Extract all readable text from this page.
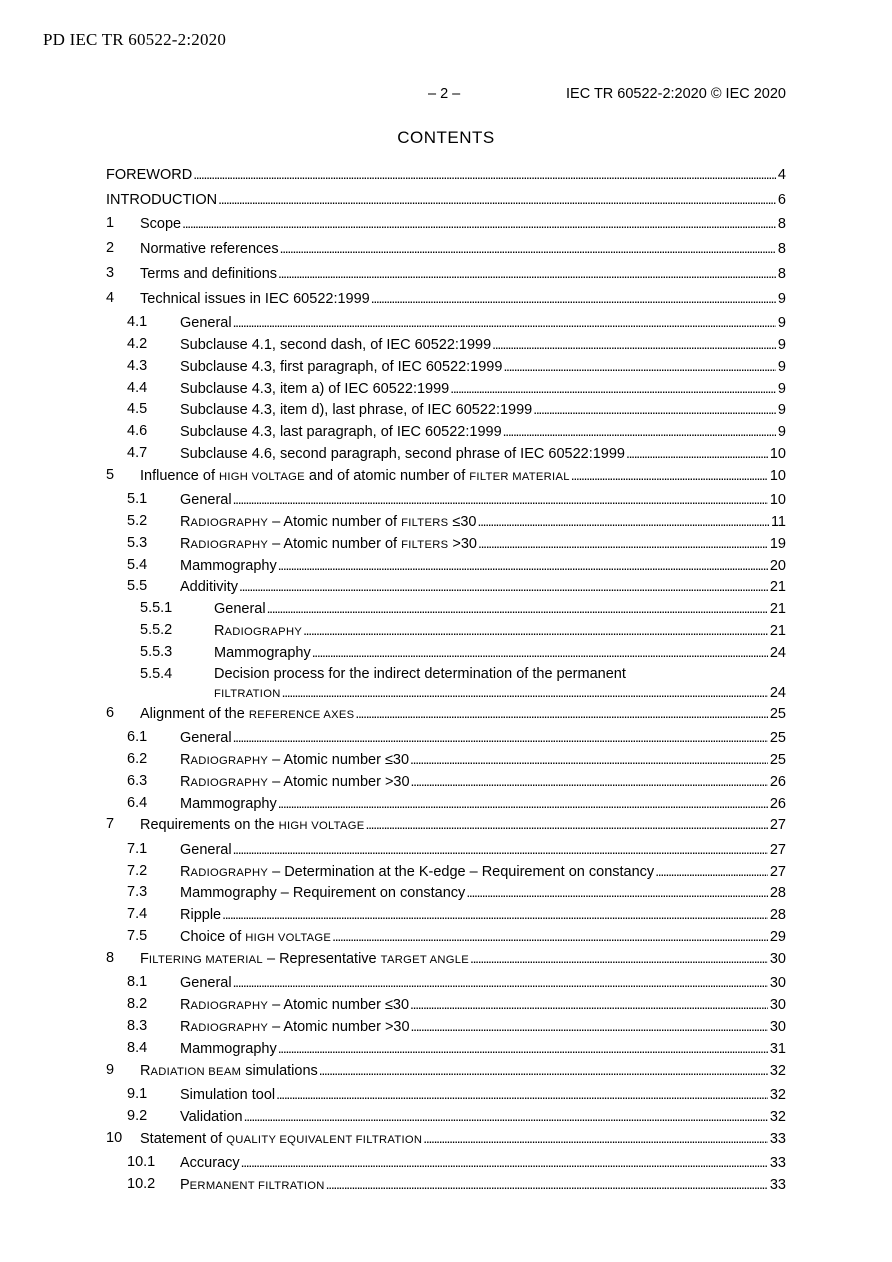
PD IEC TR 60522-2:2020
– 2 –	IEC TR 60522-2:2020 © IEC 2020
CONTENTS
FOREWORD . . .	4
INTRODUCTION . . .	6
1 Scope . . .	8
2 Normative references . . .	8
3 Terms and definitions . . .	8
4 Technical issues in IEC 60522:1999 . . .	9
4.1 General . . .	9
4.2 Subclause 4.1, second dash, of IEC 60522:1999 . . .	9
4.3 Subclause 4.3, first paragraph, of IEC 60522:1999 . . .	9
4.4 Subclause 4.3, item a) of IEC 60522:1999 . . .	9
4.5 Subclause 4.3, item d), last phrase, of IEC 60522:1999 . . .	9
4.6 Subclause 4.3, last paragraph, of IEC 60522:1999 . . .	9
4.7 Subclause 4.6, second paragraph, second phrase of IEC 60522:1999 . . .	10
5 Influence of HIGH VOLTAGE and of atomic number of FILTER MATERIAL . . .	10
5.1 General . . .	10
5.2 RADIOGRAPHY – Atomic number of FILTERS ≤30 . . .	11
5.3 RADIOGRAPHY – Atomic number of FILTERS >30 . . .	19
5.4 Mammography . . .	20
5.5 Additivity . . .	21
5.5.1	General . . .	21
5.5.2	RADIOGRAPHY . . .	21
5.5.3	Mammography . . .	24
5.5.4	Decision process for the indirect determination of the permanent
FILTRATION . . .	24
6 Alignment of the REFERENCE AXES . . .	25
6.1 General . . .	25
6.2 RADIOGRAPHY – Atomic number ≤30 . . .	25
6.3 RADIOGRAPHY – Atomic number >30 . . .	26
6.4 Mammography . . .	26
7 Requirements on the HIGH VOLTAGE . . .	27
7.1 General . . .	27
7.2 RADIOGRAPHY – Determination at the K-edge – Requirement on constancy . . .	27
7.3 Mammography – Requirement on constancy . . .	28
7.4 Ripple . . .	28
7.5 Choice of HIGH VOLTAGE . . .	29
8 FILTERING MATERIAL – Representative TARGET ANGLE . . .	30
8.1 General . . .	30
8.2 RADIOGRAPHY – Atomic number ≤30 . . .	30
8.3 RADIOGRAPHY – Atomic number >30 . . .	30
8.4 Mammography . . .	31
9 RADIATION BEAM simulations . . .	32
9.1 Simulation tool . . .	32
9.2 Validation . . .	32
10 Statement of QUALITY EQUIVALENT FILTRATION . . .	33
10.1 Accuracy . . .	33
10.2 PERMANENT FILTRATION . . .	33
